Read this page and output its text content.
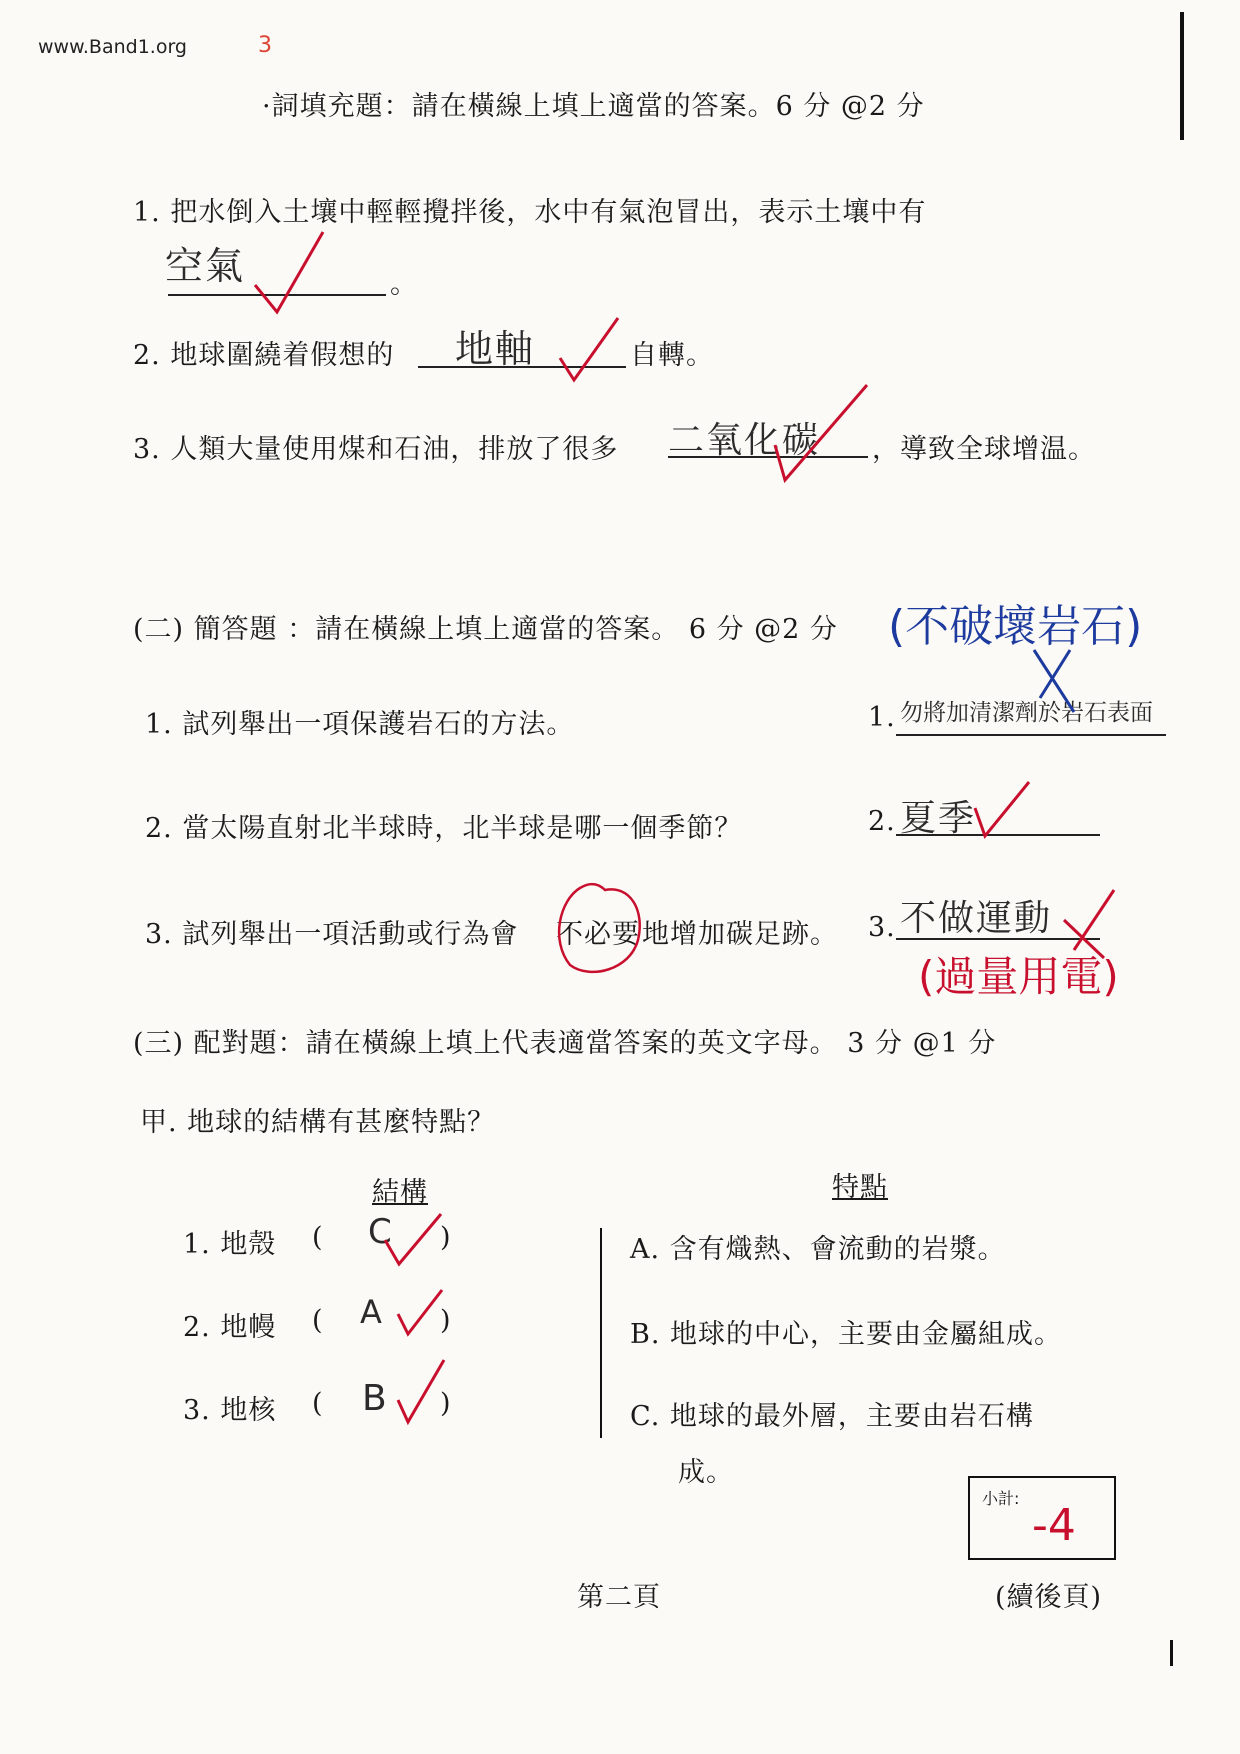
www.Band1.org	3
·詞填充題：請在橫線上填上適當的答案。6 分 @2 分
1. 把水倒入土壤中輕輕攪拌後，水中有氣泡冒出，表示土壤中有
空氣	。
2. 地球圍繞着假想的 地軸	自轉。
3. 人類大量使用煤和石油，排放了很多 二氧化碳 ，導致全球增温。
(二) 簡答題 ：請在橫線上填上適當的答案。 6 分 @2 分 (不破壞岩石)
1. 試列舉出一項保護岩石的方法。	1. 勿將加清潔劑於岩石表面
2. 當太陽直射北半球時，北半球是哪一個季節？	2. 夏季
3. 試列舉出一項活動或行為會 不必要 地增加碳足跡。 3. 不做運動
(過量用電)
(三) 配對題：請在橫線上填上代表適當答案的英文字母。 3 分 @1 分
甲. 地球的結構有甚麼特點？
結構	特點
1. 地殼 ( C )
2. 地幔 ( A )
3. 地核 ( B )
A. 含有熾熱、會流動的岩漿。
B. 地球的中心，主要由金屬組成。
C. 地球的最外層，主要由岩石構
成。
小計:
-4
第二頁	(續後頁)
